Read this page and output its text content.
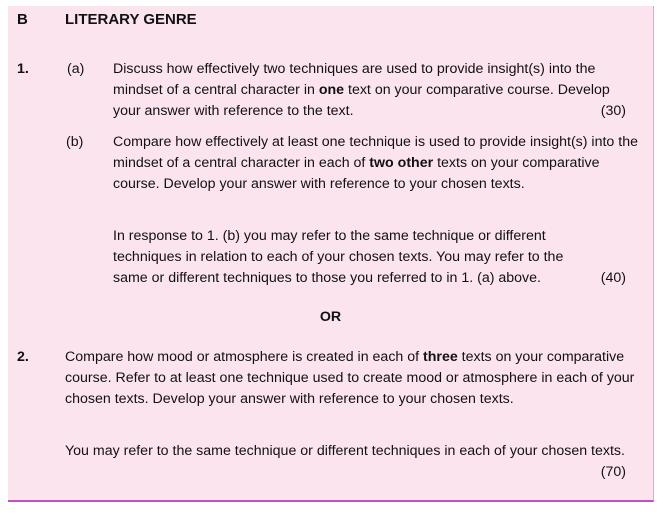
B LITERARY GENRE
1.	(a) Discuss how effectively two techniques are used to provide insight(s) into the mindset of a central character in one text on your comparative course. Develop your answer with reference to the text.	(30)
(b) Compare how effectively at least one technique is used to provide insight(s) into the mindset of a central character in each of two other texts on your comparative course. Develop your answer with reference to your chosen texts.
In response to 1. (b) you may refer to the same technique or different techniques in relation to each of your chosen texts. You may refer to the same or different techniques to those you referred to in 1. (a) above.	(40)
OR
2.	Compare how mood or atmosphere is created in each of three texts on your comparative course. Refer to at least one technique used to create mood or atmosphere in each of your chosen texts. Develop your answer with reference to your chosen texts.
You may refer to the same technique or different techniques in each of your chosen texts.
(70)
